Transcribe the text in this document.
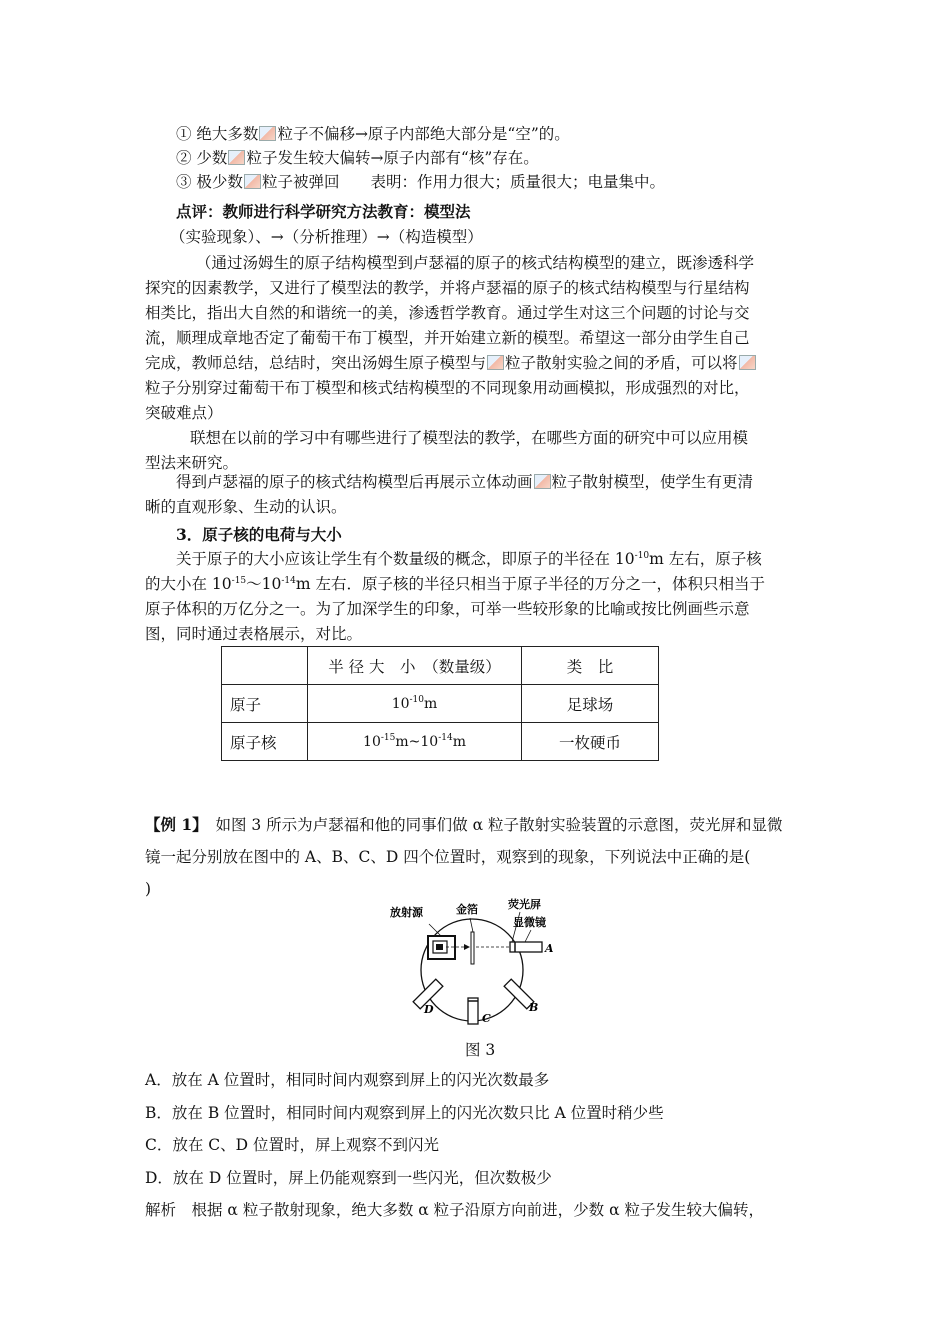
① 绝大多数 粒子不偏移→原子内部绝大部分是“空”的。
② 少数 粒子发生较大偏转→原子内部有“核”存在。
③ 极少数 粒子被弹回　　表明：作用力很大；质量很大；电量集中。
点评：教师进行科学研究方法教育：模型法
（实验现象）、→（分析推理）→（构造模型）
（通过汤姆生的原子结构模型到卢瑟福的原子的核式结构模型的建立，既渗透科学
探究的因素教学，又进行了模型法的教学，并将卢瑟福的原子的核式结构模型与行星结构
相类比，指出大自然的和谐统一的美，渗透哲学教育。通过学生对这三个问题的讨论与交
流，顺理成章地否定了葡萄干布丁模型，并开始建立新的模型。希望这一部分由学生自己
完成，教师总结，总结时，突出汤姆生原子模型与 粒子散射实验之间的矛盾，可以将
粒子分别穿过葡萄干布丁模型和核式结构模型的不同现象用动画模拟，形成强烈的对比，
突破难点）
联想在以前的学习中有哪些进行了模型法的教学，在哪些方面的研究中可以应用模
型法来研究。
得到卢瑟福的原子的核式结构模型后再展示立体动画 粒子散射模型，使学生有更清
晰的直观形象、生动的认识。
3．原子核的电荷与大小
关于原子的大小应该让学生有个数量级的概念，即原子的半径在 $10^{-10}m$ 左右，原子核
的大小在 $10^{-15}\sim 10^{-14}m$ 左右．原子核的半径只相当于原子半径的万分之一，体积只相当于
原子体积的万亿分之一。为了加深学生的印象，可举一些较形象的比喻或按比例画些示意
图，同时通过表格展示，对比。
	半 径 大　小　（数量级）	类　比
原子	$10^{-10}m$	足球场
原子核	$10^{-15}m\sim 10^{-14}m$	一枚硬币
【例 1】　 如图 3 所示为卢瑟福和他的同事们做 α 粒子散射实验装置的示意图，荧光屏和显微
镜一起分别放在图中的 A、B、C、D 四个位置时，观察到的现象，下列说法中正确的是(
)
放射源	金箔	荧光屏
显微镜
A
B
C
D
图 3
A．放在 A 位置时，相同时间内观察到屏上的闪光次数最多
B．放在 B 位置时，相同时间内观察到屏上的闪光次数只比 A 位置时稍少些
C．放在 C、D 位置时，屏上观察不到闪光
D．放在 D 位置时，屏上仍能观察到一些闪光，但次数极少
解析　根据 α 粒子散射现象，绝大多数 α 粒子沿原方向前进，少数 α 粒子发生较大偏转，
